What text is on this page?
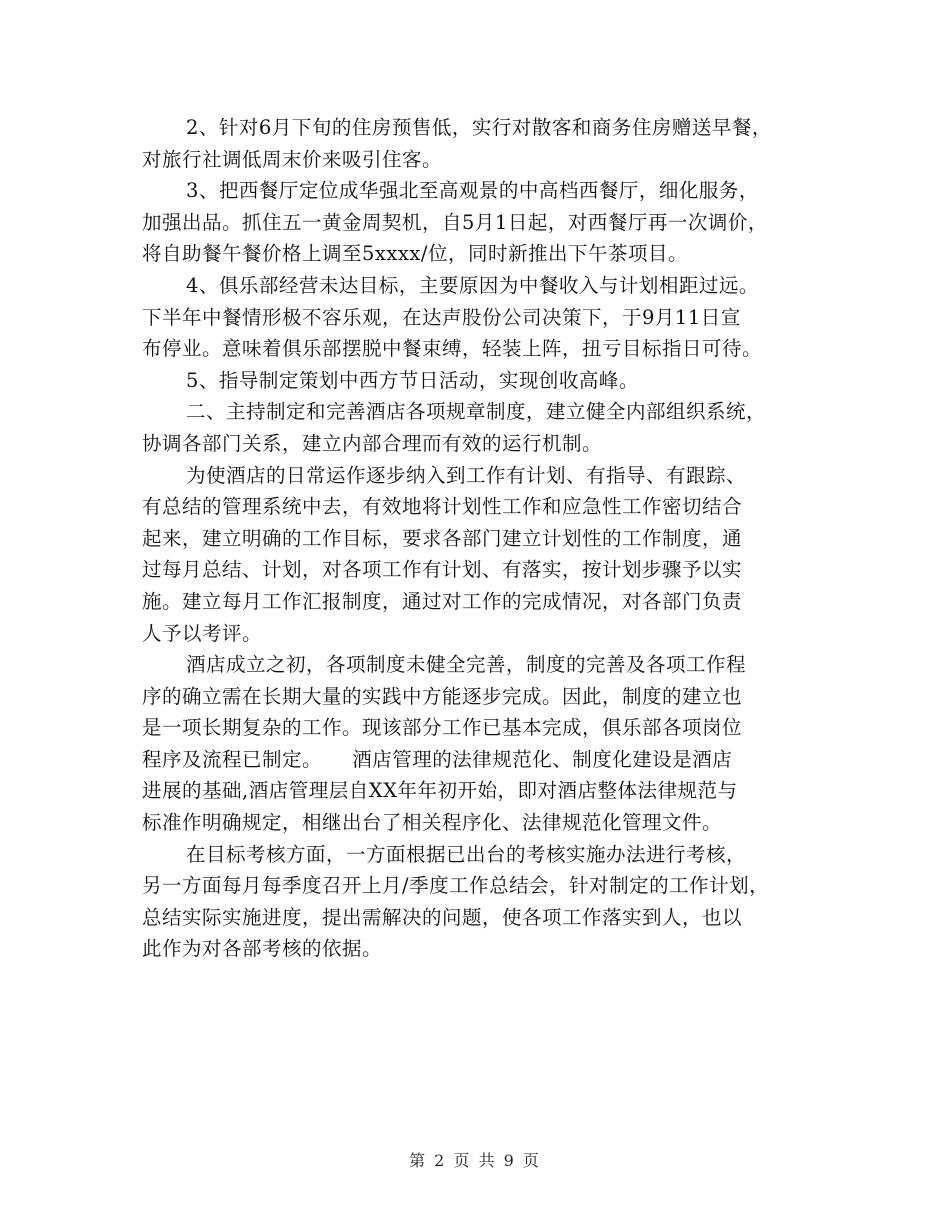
2、针对6月下旬的住房预售低，实行对散客和商务住房赠送早餐，
对旅行社调低周末价来吸引住客。
3、把西餐厅定位成华强北至高观景的中高档西餐厅，细化服务，
加强出品。抓住五一黄金周契机，自5月1日起，对西餐厅再一次调价，
将自助餐午餐价格上调至5xxxx/位，同时新推出下午茶项目。
4、俱乐部经营未达目标，主要原因为中餐收入与计划相距过远。
下半年中餐情形极不容乐观，在达声股份公司决策下，于9月11日宣
布停业。意味着俱乐部摆脱中餐束缚，轻装上阵，扭亏目标指日可待。
5、指导制定策划中西方节日活动，实现创收高峰。
二、主持制定和完善酒店各项规章制度，建立健全内部组织系统，
协调各部门关系，建立内部合理而有效的运行机制。
为使酒店的日常运作逐步纳入到工作有计划、有指导、有跟踪、
有总结的管理系统中去，有效地将计划性工作和应急性工作密切结合
起来，建立明确的工作目标，要求各部门建立计划性的工作制度，通
过每月总结、计划，对各项工作有计划、有落实，按计划步骤予以实
施。建立每月工作汇报制度，通过对工作的完成情况，对各部门负责
人予以考评。
酒店成立之初，各项制度未健全完善，制度的完善及各项工作程
序的确立需在长期大量的实践中方能逐步完成。因此，制度的建立也
是一项长期复杂的工作。现该部分工作已基本完成，俱乐部各项岗位
程序及流程已制定。　　酒店管理的法律规范化、制度化建设是酒店
进展的基础,酒店管理层自XX年年初开始，即对酒店整体法律规范与
标准作明确规定，相继出台了相关程序化、法律规范化管理文件。
在目标考核方面，一方面根据已出台的考核实施办法进行考核，
另一方面每月每季度召开上月/季度工作总结会，针对制定的工作计划，
总结实际实施进度，提出需解决的问题，使各项工作落实到人，也以
此作为对各部考核的依据。
第 2 页 共 9 页
